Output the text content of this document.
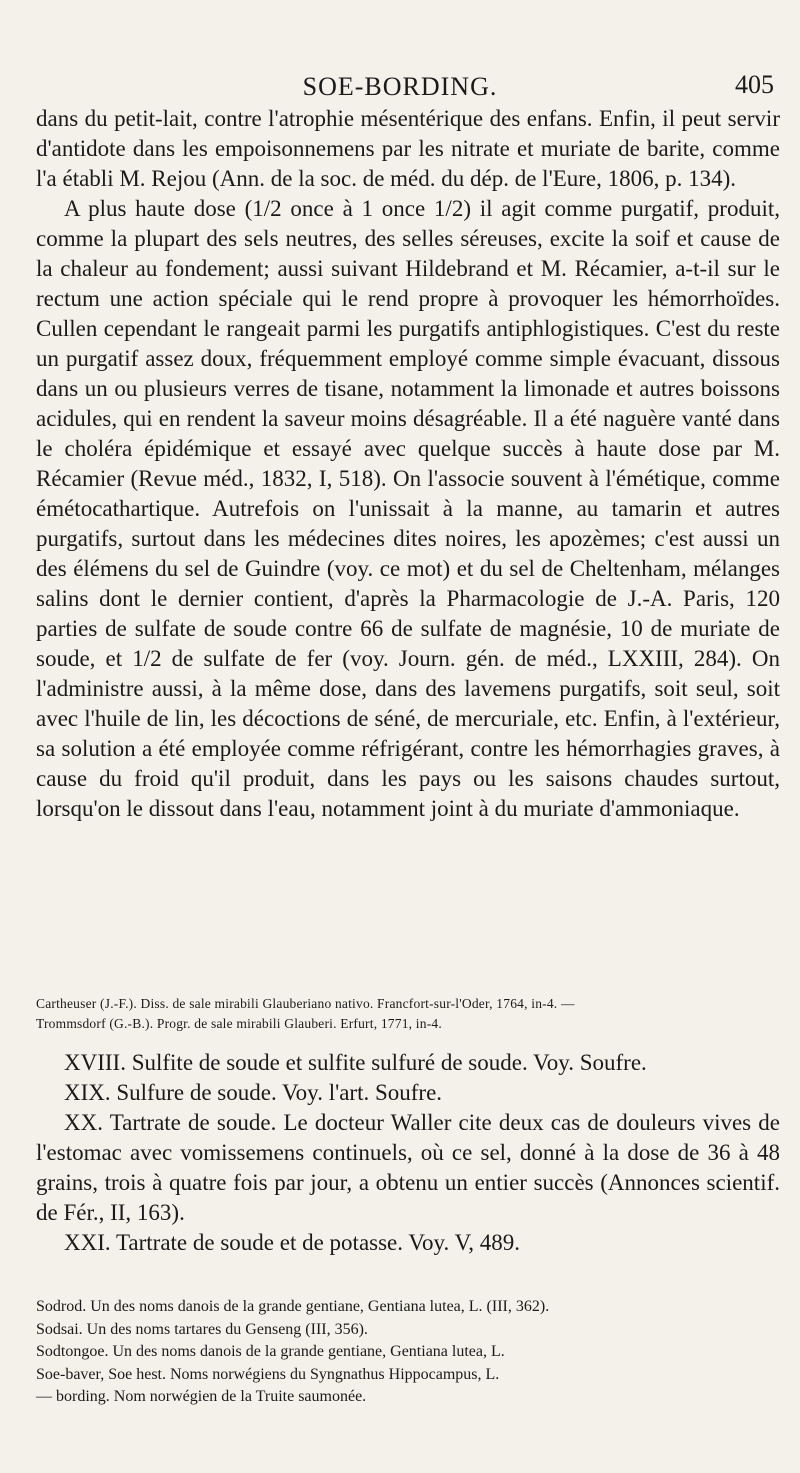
SOE-BORDING.	405

dans du petit-lait, contre l'atrophie mésentérique des enfans. Enfin, il peut servir d'antidote dans les empoisonnemens par les nitrate et muriate de barite, comme l'a établi M. Rejou (Ann. de la soc. de méd. du dép. de l'Eure, 1806, p. 134).

A plus haute dose (1/2 once à 1 once 1/2) il agit comme purgatif, produit, comme la plupart des sels neutres, des selles séreuses, excite la soif et cause de la chaleur au fondement; aussi suivant Hildebrand et M. Récamier, a-t-il sur le rectum une action spéciale qui le rend propre à provoquer les hémorrhoïdes. Cullen cependant le rangeait parmi les purgatifs antiphlogistiques. C'est du reste un purgatif assez doux, fréquemment employé comme simple évacuant, dissous dans un ou plusieurs verres de tisane, notamment la limonade et autres boissons acidules, qui en rendent la saveur moins désagréable. Il a été naguère vanté dans le choléra épidémique et essayé avec quelque succès à haute dose par M. Récamier (Revue méd., 1832, I, 518). On l'associe souvent à l'émétique, comme émétocathartique. Autrefois on l'unissait à la manne, au tamarin et autres purgatifs, surtout dans les médecines dites noires, les apozèmes; c'est aussi un des élémens du sel de Guindre (voy. ce mot) et du sel de Cheltenham, mélanges salins dont le dernier contient, d'après la Pharmacologie de J.-A. Paris, 120 parties de sulfate de soude contre 66 de sulfate de magnésie, 10 de muriate de soude, et 1/2 de sulfate de fer (voy. Journ. gén. de méd., LXXIII, 284). On l'administre aussi, à la même dose, dans des lavemens purgatifs, soit seul, soit avec l'huile de lin, les décoctions de séné, de mercuriale, etc. Enfin, à l'extérieur, sa solution a été employée comme réfrigérant, contre les hémorrhagies graves, à cause du froid qu'il produit, dans les pays ou les saisons chaudes surtout, lorsqu'on le dissout dans l'eau, notamment joint à du muriate d'ammoniaque.

Cartheuser (J.-F.). Diss. de sale mirabili Glauberiano nativo. Francfort-sur-l'Oder, 1764, in-4. —

Trommsdorf (G.-B.). Progr. de sale mirabili Glauberi. Erfurt, 1771, in-4.

XVIII. Sulfite de soude et sulfite sulfuré de soude. Voy. Soufre.

XIX. Sulfure de soude. Voy. l'art. Soufre.

XX. Tartrate de soude. Le docteur Waller cite deux cas de douleurs vives de l'estomac avec vomissemens continuels, où ce sel, donné à la dose de 36 à 48 grains, trois à quatre fois par jour, a obtenu un entier succès (Annonces scientif. de Fér., II, 163).

XXI. Tartrate de soude et de potasse. Voy. V, 489.

Sodrod. Un des noms danois de la grande gentiane, Gentiana lutea, L. (III, 362).

Sodsai. Un des noms tartares du Genseng (III, 356).

Sodtongoe. Un des noms danois de la grande gentiane, Gentiana lutea, L.

Soe-baver, Soe hest. Noms norwégiens du Syngnathus Hippocampus, L.

— bording. Nom norwégien de la Truite saumonée.
